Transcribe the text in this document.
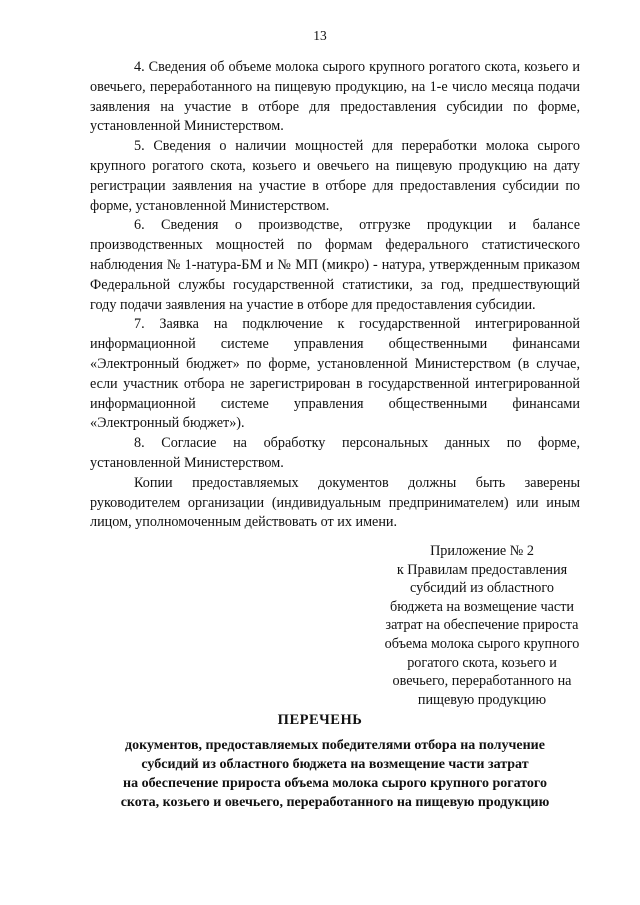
13

4. Сведения об объеме молока сырого крупного рогатого скота, козьего и овечьего, переработанного на пищевую продукцию, на 1-е число месяца подачи заявления на участие в отборе для предоставления субсидии по форме, установленной Министерством.

5. Сведения о наличии мощностей для переработки молока сырого крупного рогатого скота, козьего и овечьего на пищевую продукцию на дату регистрации заявления на участие в отборе для предоставления субсидии по форме, установленной Министерством.

6. Сведения о производстве, отгрузке продукции и балансе производственных мощностей по формам федерального статистического наблюдения № 1-натура-БМ и № МП (микро) - натура, утвержденным приказом Федеральной службы государственной статистики, за год, предшествующий году подачи заявления на участие в отборе для предоставления субсидии.

7. Заявка на подключение к государственной интегрированной информационной системе управления общественными финансами «Электронный бюджет» по форме, установленной Министерством (в случае, если участник отбора не зарегистрирован в государственной интегрированной информационной системе управления общественными финансами «Электронный бюджет»).

8. Согласие на обработку персональных данных по форме, установленной Министерством.

Копии предоставляемых документов должны быть заверены руководителем организации (индивидуальным предпринимателем) или иным лицом, уполномоченным действовать от их имени.

Приложение № 2
к Правилам предоставления
субсидий из областного
бюджета на возмещение части
затрат на обеспечение прироста
объема молока сырого крупного
рогатого скота, козьего и
овечьего, переработанного на
пищевую продукцию
ПЕРЕЧЕНЬ
документов, предоставляемых победителями отбора на получение
субсидий из областного бюджета на возмещение части затрат
на обеспечение прироста объема молока сырого крупного рогатого
скота, козьего и овечьего, переработанного на пищевую продукцию
